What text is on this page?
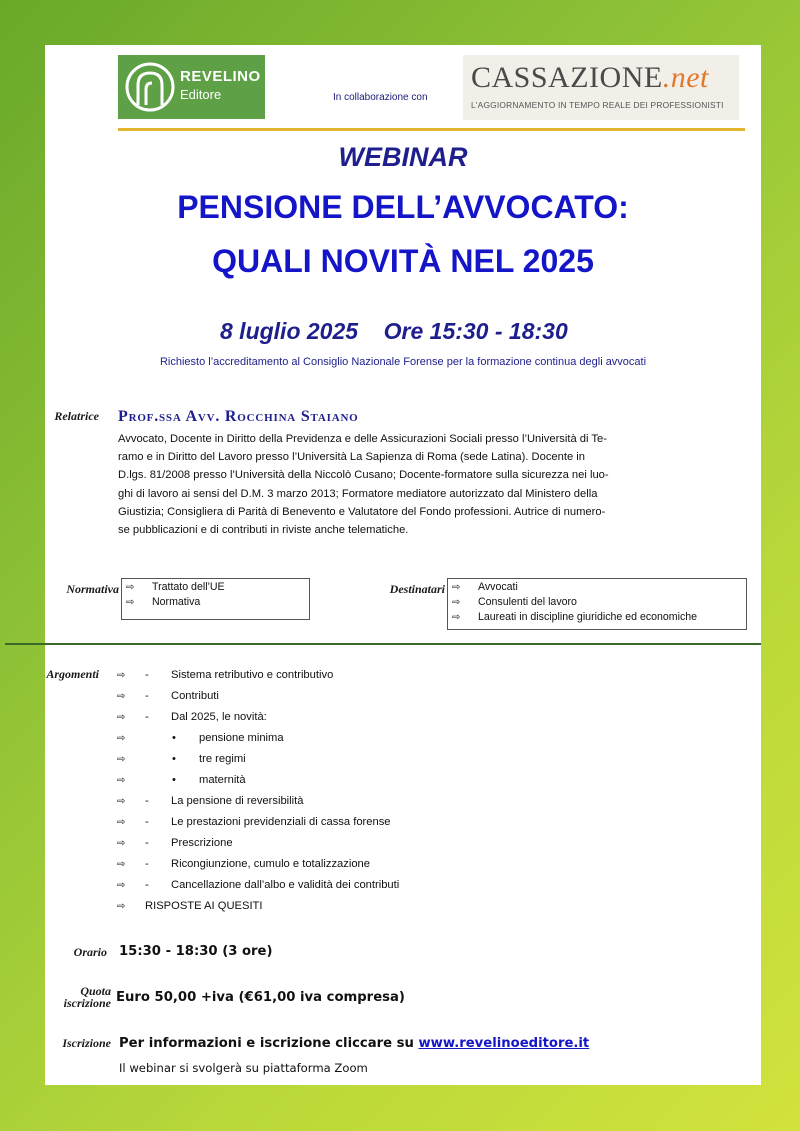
REVELINO
Editore	In collaborazione con
CASSAZIONE.net
L'AGGIORNAMENTO IN TEMPO REALE DEI PROFESSIONISTI
WEBINAR
PENSIONE DELL’AVVOCATO:
QUALI NOVITÀ NEL 2025
8 luglio 2025 Ore 15:30 - 18:30
Richiesto l’accreditamento al Consiglio Nazionale Forense per la formazione continua degli avvocati
Relatrice Prof.ssa Avv. Rocchina Staiano
Avvocato, Docente in Diritto della Previdenza e delle Assicurazioni Sociali presso l’Università di Te-
ramo e in Diritto del Lavoro presso l’Università La Sapienza di Roma (sede Latina). Docente in
D.lgs. 81/2008 presso l’Università della Niccolò Cusano; Docente-formatore sulla sicurezza nei luo-
ghi di lavoro ai sensi del D.M. 3 marzo 2013; Formatore mediatore autorizzato dal Ministero della
Giustizia; Consigliera di Parità di Benevento e Valutatore del Fondo professioni. Autrice di numero-
se pubblicazioni e di contributi in riviste anche telematiche.
Normativa ⇨ Trattato dell’UE
⇨ Normativa
Destinatari ⇨ Avvocati
⇨ Consulenti del lavoro
⇨ Laureati in discipline giuridiche ed economiche
Argomenti ⇨ - Sistema retributivo e contributivo
⇨ - Contributi
⇨ - Dal 2025, le novità:
⇨	• pensione minima
⇨	• tre regimi
⇨	• maternità
⇨ - La pensione di reversibilità
⇨ - Le prestazioni previdenziali di cassa forense
⇨ - Prescrizione
⇨ - Ricongiunzione, cumulo e totalizzazione
⇨ - Cancellazione dall’albo e validità dei contributi
⇨ RISPOSTE AI QUESITI
Orario 15:30 - 18:30 (3 ore)
Quota
iscrizione Euro 50,00 +iva (€61,00 iva compresa)
Iscrizione Per informazioni e iscrizione cliccare su www.revelinoeditore.it
Il webinar si svolgerà su piattaforma Zoom
